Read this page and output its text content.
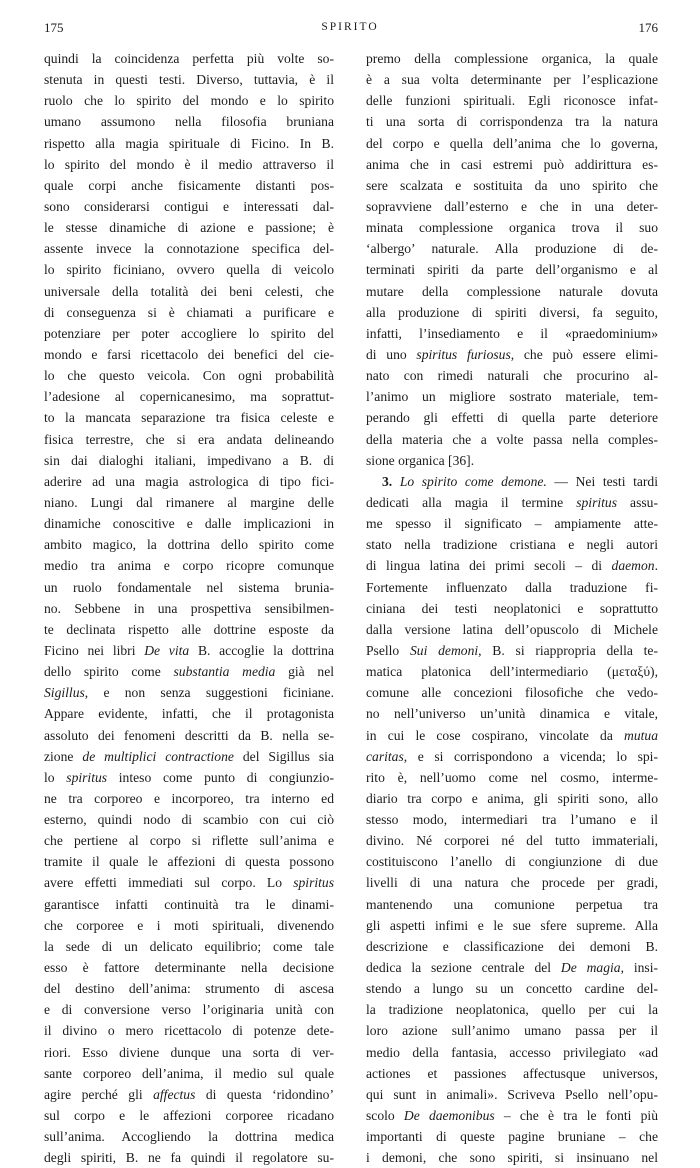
175	SPIRITO	176
quindi la coincidenza perfetta più volte so-
stenuta in questi testi. Diverso, tuttavia, è il
ruolo che lo spirito del mondo e lo spirito
umano assumono nella filosofia bruniana
rispetto alla magia spirituale di Ficino. In B.
lo spirito del mondo è il medio attraverso il
quale corpi anche fisicamente distanti pos-
sono considerarsi contigui e interessati dal-
le stesse dinamiche di azione e passione; è
assente invece la connotazione specifica del-
lo spirito ficiniano, ovvero quella di veicolo
universale della totalità dei beni celesti, che
di conseguenza si è chiamati a purificare e
potenziare per poter accogliere lo spirito del
mondo e farsi ricettacolo dei benefici del cie-
lo che questo veicola. Con ogni probabilità
l’adesione al copernicanesimo, ma soprattut-
to la mancata separazione tra fisica celeste e
fisica terrestre, che si era andata delineando
sin dai dialoghi italiani, impedivano a B. di
aderire ad una magia astrologica di tipo fici-
niano. Lungi dal rimanere al margine delle
dinamiche conoscitive e dalle implicazioni in
ambito magico, la dottrina dello spirito come
medio tra anima e corpo ricopre comunque
un ruolo fondamentale nel sistema brunia-
no. Sebbene in una prospettiva sensibilmen-
te declinata rispetto alle dottrine esposte da
Ficino nei libri De vita B. accoglie la dottrina
dello spirito come substantia media già nel
Sigillus, e non senza suggestioni ficiniane.
Appare evidente, infatti, che il protagonista
assoluto dei fenomeni descritti da B. nella se-
zione de multiplici contractione del Sigillus sia
lo spiritus inteso come punto di congiunzio-
ne tra corporeo e incorporeo, tra interno ed
esterno, quindi nodo di scambio con cui ciò
che pertiene al corpo si riflette sull’anima e
tramite il quale le affezioni di questa possono
avere effetti immediati sul corpo. Lo spiritus
garantisce infatti continuità tra le dinami-
che corporee e i moti spirituali, divenendo
la sede di un delicato equilibrio; come tale
esso è fattore determinante nella decisione
del destino dell’anima: strumento di ascesa
e di conversione verso l’originaria unità con
il divino o mero ricettacolo di potenze dete-
riori. Esso diviene dunque una sorta di ver-
sante corporeo dell’anima, il medio sul quale
agire perché gli affectus di questa ‘ridondino’
sul corpo e le affezioni corporee ricadano
sull’anima. Accogliendo la dottrina medica
degli spiriti, B. ne fa quindi il regolatore su-
premo della complessione organica, la quale
è a sua volta determinante per l’esplicazione
delle funzioni spirituali. Egli riconosce infat-
ti una sorta di corrispondenza tra la natura
del corpo e quella dell’anima che lo governa,
anima che in casi estremi può addirittura es-
sere scalzata e sostituita da uno spirito che
sopravviene dall’esterno e che in una deter-
minata complessione organica trova il suo
‘albergo’ naturale. Alla produzione di de-
terminati spiriti da parte dell’organismo e al
mutare della complessione naturale dovuta
alla produzione di spiriti diversi, fa seguito,
infatti, l’insediamento e il «praedominium»
di uno spiritus furiosus, che può essere elimi-
nato con rimedi naturali che procurino al-
l’animo un migliore sostrato materiale, tem-
perando gli effetti di quella parte deteriore
della materia che a volte passa nella comples-
sione organica [36].
3. Lo spirito come demone. — Nei testi tardi
dedicati alla magia il termine spiritus assu-
me spesso il significato – ampiamente atte-
stato nella tradizione cristiana e negli autori
di lingua latina dei primi secoli – di daemon.
Fortemente influenzato dalla traduzione fi-
ciniana dei testi neoplatonici e soprattutto
dalla versione latina dell’opuscolo di Michele
Psello Sui demoni, B. si riappropria della te-
matica platonica dell’intermediario (μεταξύ),
comune alle concezioni filosofiche che vedo-
no nell’universo un’unità dinamica e vitale,
in cui le cose cospirano, vincolate da mutua
caritas, e si corrispondono a vicenda; lo spi-
rito è, nell’uomo come nel cosmo, interme-
diario tra corpo e anima, gli spiriti sono, allo
stesso modo, intermediari tra l’umano e il
divino. Né corporei né del tutto immateriali,
costituiscono l’anello di congiunzione di due
livelli di una natura che procede per gradi,
mantenendo una comunione perpetua tra
gli aspetti infimi e le sue sfere supreme. Alla
descrizione e classificazione dei demoni B.
dedica la sezione centrale del De magia, insi-
stendo a lungo su un concetto cardine del-
la tradizione neoplatonica, quello per cui la
loro azione sull’animo umano passa per il
medio della fantasia, accesso privilegiato «ad
actiones et passiones affectusque universos,
qui sunt in animali». Scriveva Psello nell’opu-
scolo De daemonibus – che è tra le fonti più
importanti di queste pagine bruniane – che
i demoni, che sono spiriti, si insinuano nel
